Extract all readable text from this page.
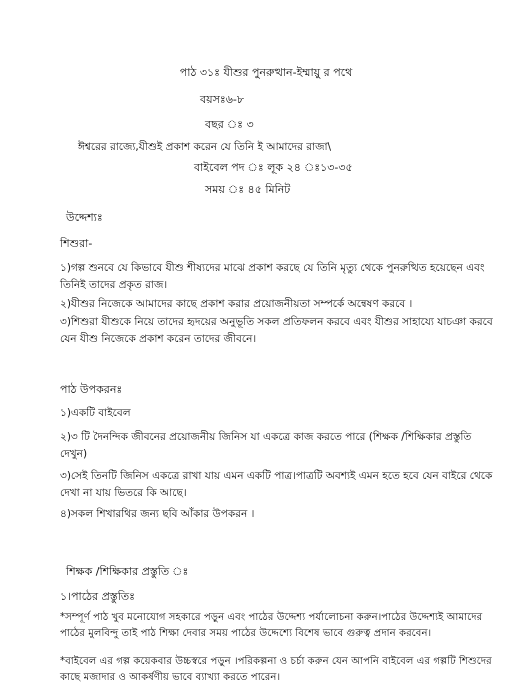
পাঠ ৩১ঃ যীশুর পুনরুত্থান-ইম্মায়ু র পথে
বয়সঃ৬-৮
বছর ঃ ৩
ঈশ্বরের রাজ্যে,যীশুই প্রকাশ করেন যে তিনি ই আমাদের রাজা\
বাইবেল পদ ঃ লূক ২৪ ঃ১৩-৩৫
সময় ঃ ৪৫ মিনিট
উদ্দেশ্যঃ
শিশুরা-
১)গল্প শুনবে যে কিভাবে যীশু শীষ্যদের মাঝে প্রকাশ করছে যে তিনি মৃত্যু থেকে পুনরুত্থিত হয়েছেন এবং তিনিই তাদের প্রকৃত রাজ।
২)যীশুর নিজেকে আমাদের কাছে প্রকাশ করার প্রয়োজনীয়তা সম্পর্কে অন্বেষণ করবে ।
৩)শিশুরা যীশুকে নিয়ে তাদের হৃদয়ের অনুভূতি সকল প্রতিফলন করবে এবং যীশুর সাহায্যে যাচঞা করবে যেন যীশু নিজেকে প্রকাশ করেন তাদের জীবনে।
পাঠ উপকরনঃ
১)একটি বাইবেল
২)৩ টি দৈনন্দিক জীবনের প্রয়োজনীয় জিনিস যা একত্রে কাজ করতে পারে (শিক্ষক /শিক্ষিকার প্রস্তুতি দেখুন)
৩)সেই তিনটি জিনিস একত্রে রাখা যায় এমন একটি পাত্র।পাত্রটি অবশ্যই এমন হতে হবে যেন বাইরে থেকে দেখা না যায় ভিতরে কি আছে।
৪)সকল শিখারথির জন্য ছবি আঁকার উপকরন ।
শিক্ষক /শিক্ষিকার প্রস্তুতি ঃ
১।পাঠের প্রস্তুতিঃ
*সম্পূর্ণ পাঠ খুব মনোযোগ সহকারে পড়ুন এবং পাঠের উদ্দেশ্য পর্যালোচনা করুন।পাঠের উদ্দেশ্যই আমাদের পাঠের মুলবিন্দু তাই পাঠ শিক্ষা দেবার সময় পাঠের উদ্দেশ্যে বিশেষ ভাবে গুরুত্ব প্রদান করবেন।
*বাইবেল এর গল্প কয়েকবার উচ্চস্বরে পড়ুন ।পরিকল্পনা ও চর্চা করুন যেন আপনি বাইবেল এর গল্পটি শিশুদের কাছে মজাদার ও আকর্ষণীয় ভাবে ব্যাখ্যা করতে পারেন।
